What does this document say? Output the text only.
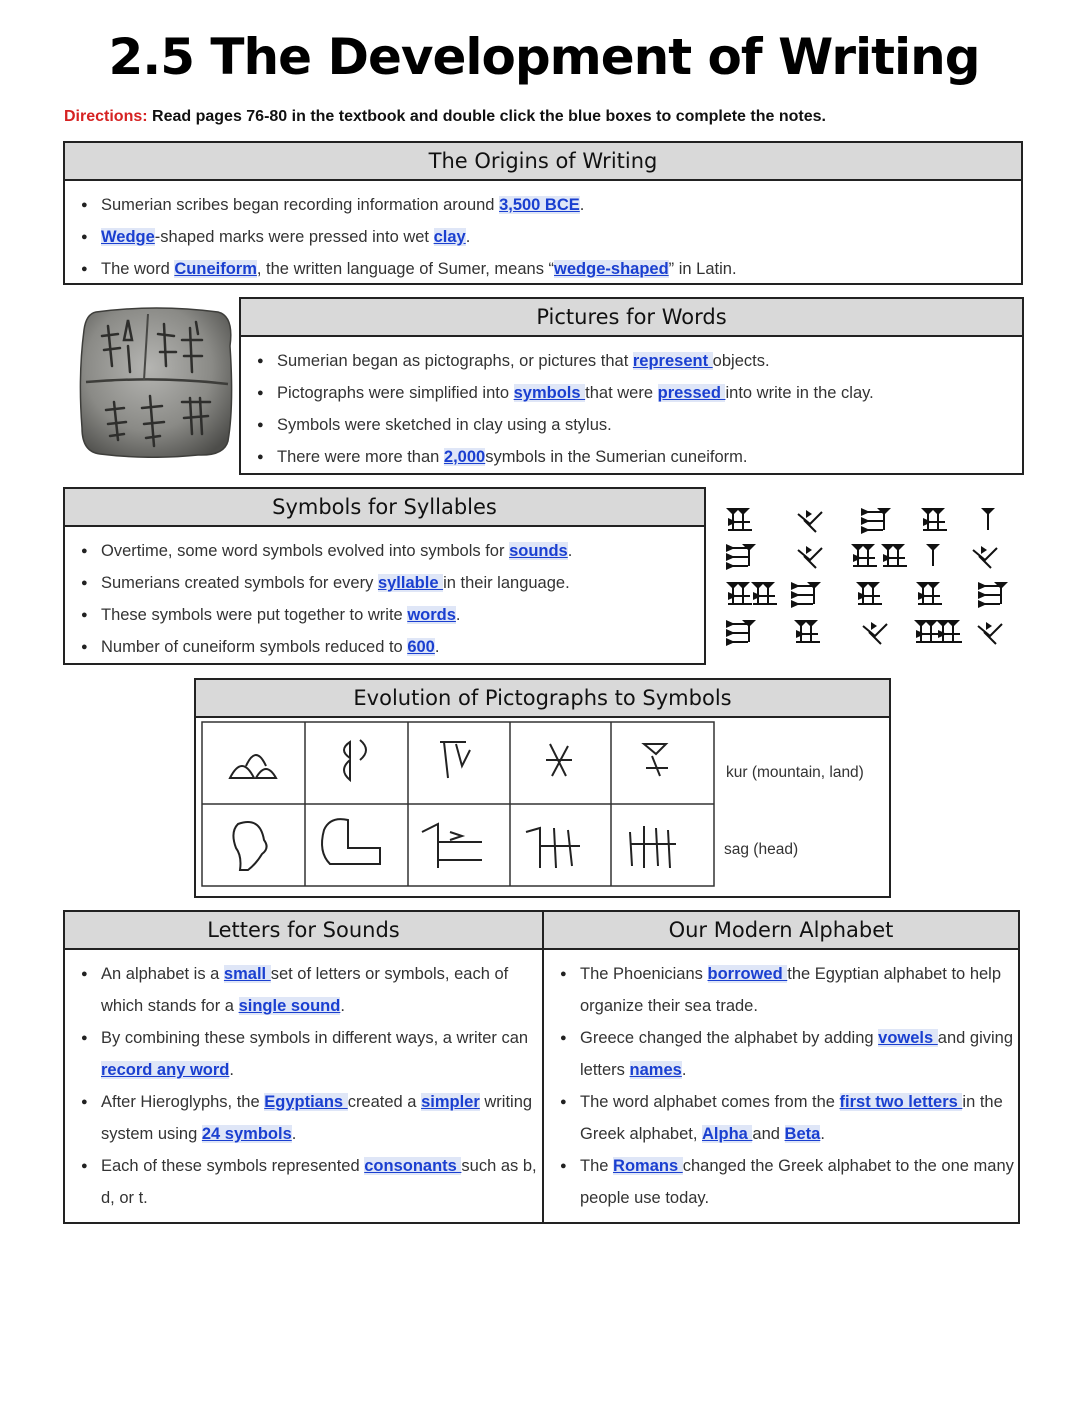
2.5 The Development of Writing
Directions: Read pages 76-80 in the textbook and double click the blue boxes to complete the notes.
The Origins of Writing
● Sumerian scribes began recording information around 3,500 BCE.
● Wedge-shaped marks were pressed into wet clay.
● The word Cuneiform, the written language of Sumer, means “wedge-shaped” in Latin.
Pictures for Words
● Sumerian began as pictographs, or pictures that represent objects.
● Pictographs were simplified into symbols that were pressed into write in the clay.
● Symbols were sketched in clay using a stylus.
● There were more than 2,000symbols in the Sumerian cuneiform.
Symbols for Syllables
● Overtime, some word symbols evolved into symbols for sounds.
● Sumerians created symbols for every syllable in their language.
● These symbols were put together to write words.
● Number of cuneiform symbols reduced to 600.
Evolution of Pictographs to Symbols
kur (mountain, land)
sag (head)
Letters for Sounds
● An alphabet is a small set of letters or symbols, each of which stands for a single sound.
● By combining these symbols in different ways, a writer can record any word.
● After Hieroglyphs, the Egyptians created a simpler writing system using 24 symbols.
● Each of these symbols represented consonants such as b, d, or t.
Our Modern Alphabet
● The Phoenicians borrowed the Egyptian alphabet to help organize their sea trade.
● Greece changed the alphabet by adding vowels and giving letters names.
● The word alphabet comes from the first two letters in the Greek alphabet, Alpha and Beta.
● The Romans changed the Greek alphabet to the one many people use today.
